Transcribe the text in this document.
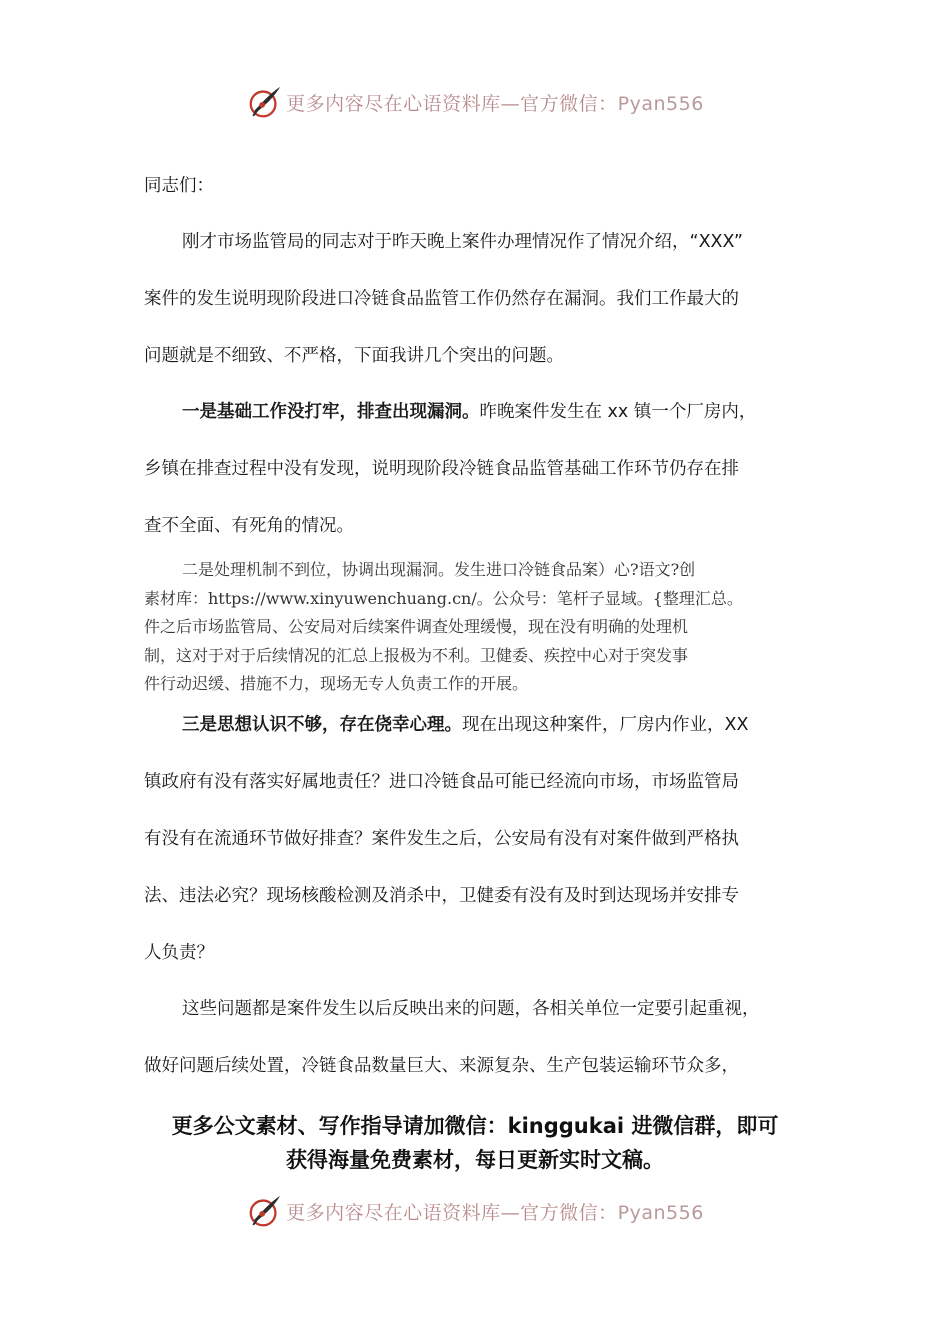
更多内容尽在心语资料库—官方微信：Pyan556
同志们：
刚才市场监管局的同志对于昨天晚上案件办理情况作了情况介绍，“XXX”
案件的发生说明现阶段进口冷链食品监管工作仍然存在漏洞。我们工作最大的
问题就是不细致、不严格，下面我讲几个突出的问题。
一是基础工作没打牢，排查出现漏洞。昨晚案件发生在 xx 镇一个厂房内，
乡镇在排查过程中没有发现，说明现阶段冷链食品监管基础工作环节仍存在排
查不全面、有死角的情况。
二是处理机制不到位，协调出现漏洞。发生进口冷链食品案）心?语文?创
素材库：https://www.xinyuwenchuang.cn/。公众号：笔杆子显域。{整理汇总。
件之后市场监管局、公安局对后续案件调查处理缓慢，现在没有明确的处理机
制，这对于对于后续情况的汇总上报极为不利。卫健委、疾控中心对于突发事
件行动迟缓、措施不力，现场无专人负责工作的开展。
三是思想认识不够，存在侥幸心理。现在出现这种案件，厂房内作业，XX
镇政府有没有落实好属地责任？进口冷链食品可能已经流向市场，市场监管局
有没有在流通环节做好排查？案件发生之后，公安局有没有对案件做到严格执
法、违法必究？现场核酸检测及消杀中，卫健委有没有及时到达现场并安排专
人负责？
这些问题都是案件发生以后反映出来的问题，各相关单位一定要引起重视，
做好问题后续处置，冷链食品数量巨大、来源复杂、生产包装运输环节众多，
更多公文素材、写作指导请加微信：kinggukai 进微信群，即可
获得海量免费素材，每日更新实时文稿。
更多内容尽在心语资料库—官方微信：Pyan556
